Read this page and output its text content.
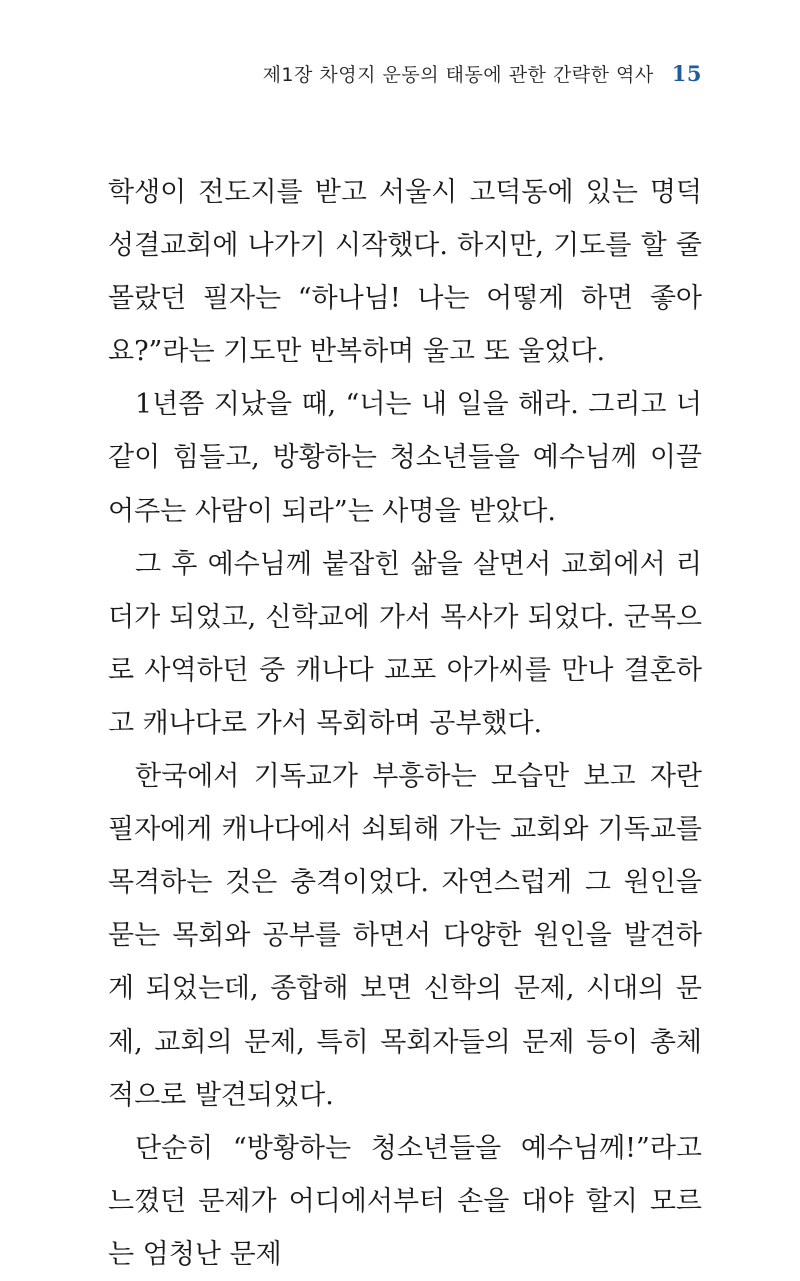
제1장 차영지 운동의 태동에 관한 간략한 역사 15

학생이 전도지를 받고 서울시 고덕동에 있는 명덕성결교회에 나가기 시작했다. 하지만, 기도를 할 줄 몰랐던 필자는 “하나님! 나는 어떻게 하면 좋아요?”라는 기도만 반복하며 울고 또 울었다.

1년쯤 지났을 때, “너는 내 일을 해라. 그리고 너 같이 힘들고, 방황하는 청소년들을 예수님께 이끌어주는 사람이 되라”는 사명을 받았다.

그 후 예수님께 붙잡힌 삶을 살면서 교회에서 리더가 되었고, 신학교에 가서 목사가 되었다. 군목으로 사역하던 중 캐나다 교포 아가씨를 만나 결혼하고 캐나다로 가서 목회하며 공부했다.

한국에서 기독교가 부흥하는 모습만 보고 자란 필자에게 캐나다에서 쇠퇴해 가는 교회와 기독교를 목격하는 것은 충격이었다. 자연스럽게 그 원인을 묻는 목회와 공부를 하면서 다양한 원인을 발견하게 되었는데, 종합해 보면 신학의 문제, 시대의 문제, 교회의 문제, 특히 목회자들의 문제 등이 총체적으로 발견되었다.

단순히 “방황하는 청소년들을 예수님께!”라고 느꼈던 문제가 어디에서부터 손을 대야 할지 모르는 엄청난 문제
